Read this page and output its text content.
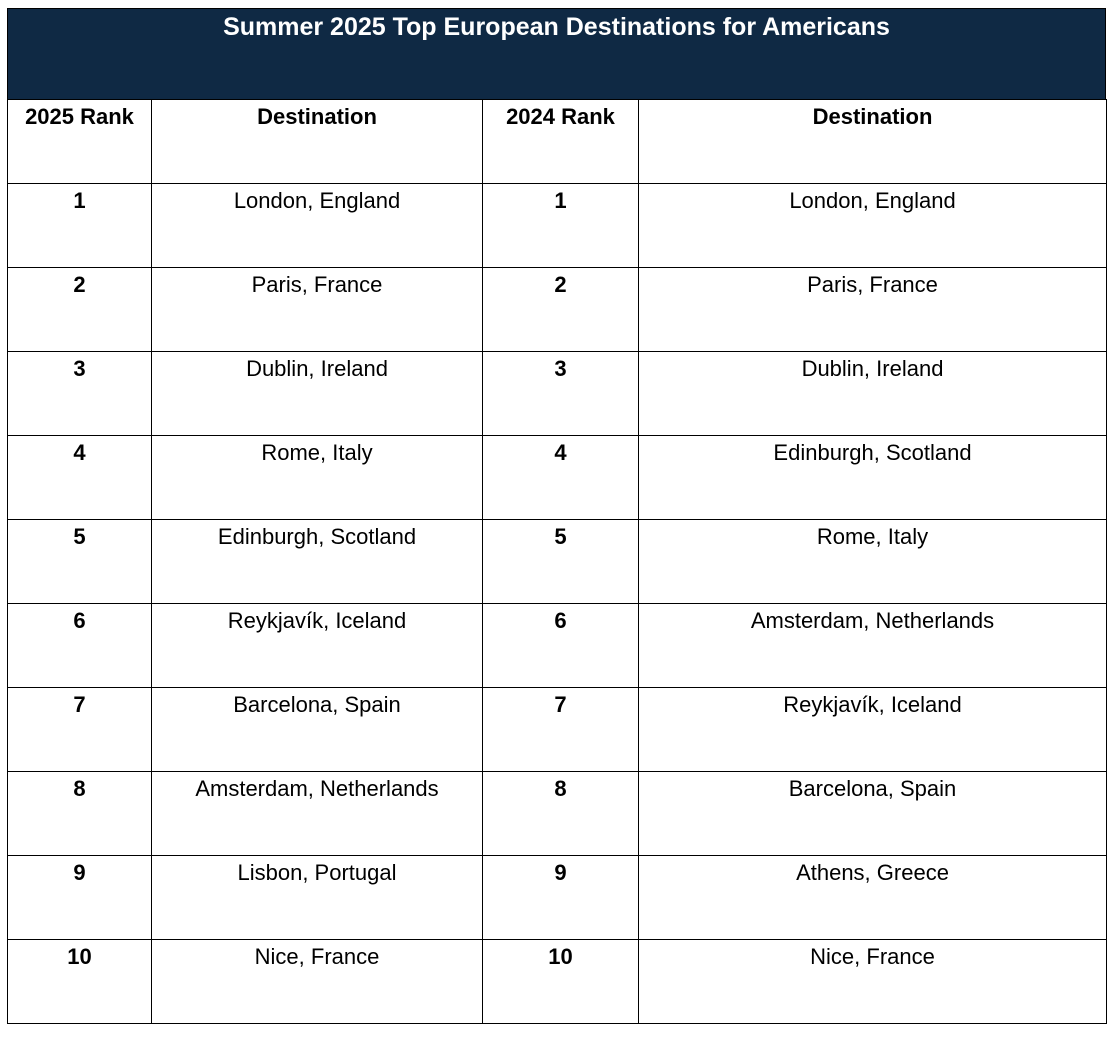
Summer 2025 Top European Destinations for Americans
2025 Rank	Destination	2024 Rank	Destination
1	London, England	1	London, England
2	Paris, France	2	Paris, France
3	Dublin, Ireland	3	Dublin, Ireland
4	Rome, Italy	4	Edinburgh, Scotland
5	Edinburgh, Scotland	5	Rome, Italy
6	Reykjavík, Iceland	6	Amsterdam, Netherlands
7	Barcelona, Spain	7	Reykjavík, Iceland
8	Amsterdam, Netherlands	8	Barcelona, Spain
9	Lisbon, Portugal	9	Athens, Greece
10	Nice, France	10	Nice, France
